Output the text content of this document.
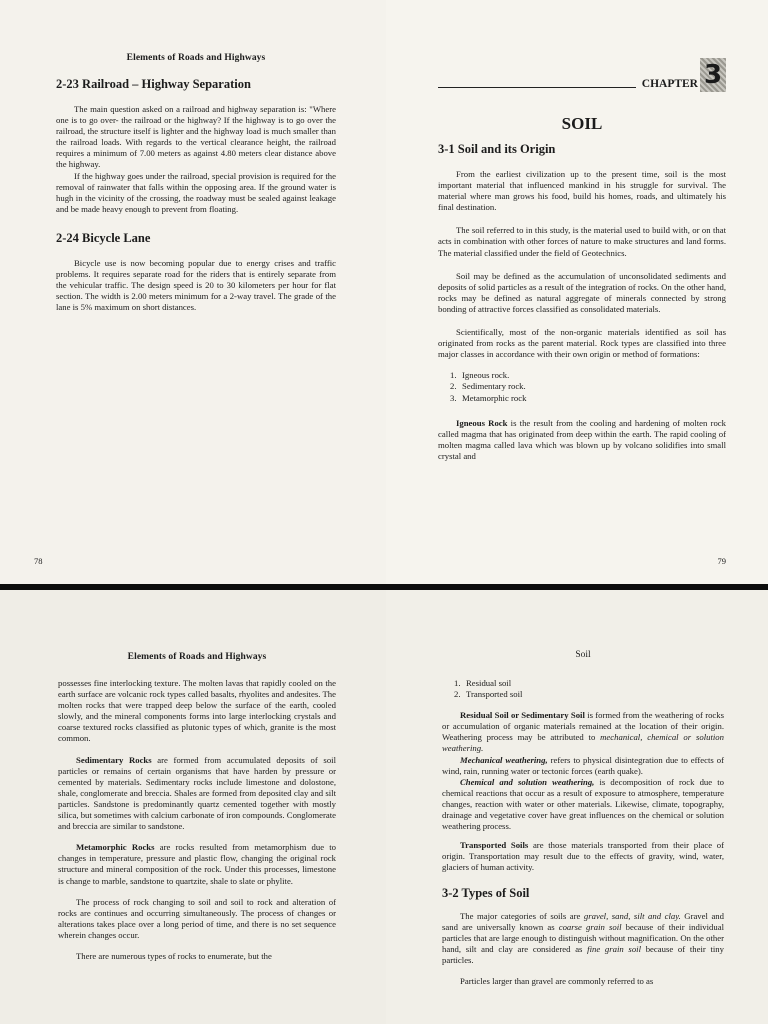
Elements of Roads and Highways
2-23 Railroad – Highway Separation

The main question asked on a railroad and highway separation is: "Where one is to go over- the railroad or the highway? If the highway is to go over the railroad, the structure itself is lighter and the highway load is much smaller than the railroad loads. With regards to the vertical clearance height, the railroad requires a minimum of 7.00 meters as against 4.80 meters clear distance above the highway.

If the highway goes under the railroad, special provision is required for the removal of rainwater that falls within the opposing area. If the ground water is hugh in the vicinity of the crossing, the roadway must be sealed against leakage and be made heavy enough to prevent from floating.

2-24 Bicycle Lane

Bicycle use is now becoming popular due to energy crises and traffic problems. It requires separate road for the riders that is entirely separate from the vehicular traffic. The design speed is 20 to 30 kilometers per hour for flat section. The width is 2.00 meters minimum for a 2-way travel. The grade of the lane is 5% maximum on short distances.

78
CHAPTER 3
SOIL
3-1 Soil and its Origin

From the earliest civilization up to the present time, soil is the most important material that influenced mankind in his struggle for survival. The material where man grows his food, build his homes, roads, and ultimately his final destination.

The soil referred to in this study, is the material used to build with, or on that acts in combination with other forces of nature to make structures and land forms. The material classified under the field of Geotechnics.

Soil may be defined as the accumulation of unconsolidated sediments and deposits of solid particles as a result of the integration of rocks. On the other hand, rocks may be defined as natural aggregate of minerals connected by strong bonding of attractive forces classified as consolidated materials.

Scientifically, most of the non-organic materials identified as soil has originated from rocks as the parent material. Rock types are classified into three major classes in accordance with their own origin or method of formations:

1. Igneous rock.
2. Sedimentary rock.
3. Metamorphic rock

Igneous Rock is the result from the cooling and hardening of molten rock called magma that has originated from deep within the earth. The rapid cooling of molten magma called lava which was blown up by volcano solidifies into small crystal and

79
Elements of Roads and Highways

possesses fine interlocking texture. The molten lavas that rapidly cooled on the earth surface are volcanic rock types called basalts, rhyolites and andesites. The molten rocks that were trapped deep below the surface of the earth, cooled slowly, and the mineral components forms into large interlocking crystals and coarse textured rocks classified as plutonic types of which, granite is the most common.

Sedimentary Rocks are formed from accumulated deposits of soil particles or remains of certain organisms that have harden by pressure or cemented by materials. Sedimentary rocks include limestone and dolostone, shale, conglomerate and breccia. Shales are formed from deposited clay and silt particles. Sandstone is predominantly quartz cemented together with mostly silica, but sometimes with calcium carbonate of iron compounds. Conglomerate and breccia are similar to sandstone.

Metamorphic Rocks are rocks resulted from metamorphism due to changes in temperature, pressure and plastic flow, changing the original rock structure and mineral composition of the rock. Under this processes, limestone is change to marble, sandstone to quartzite, shale to slate or phylite.

The process of rock changing to soil and soil to rock and alteration of rocks are continues and occurring simultaneously. The process of changes or alterations takes place over a long period of time, and there is no set sequence wherein changes occur.

There are numerous types of rocks to enumerate, but the

Soil
1. Residual soil
2. Transported soil

Residual Soil or Sedimentary Soil is formed from the weathering of rocks or accumulation of organic materials remained at the location of their origin. Weathering process may be attributed to mechanical, chemical or solution weathering.

Mechanical weathering, refers to physical disintegration due to effects of wind, rain, running water or tectonic forces (earth quake).

Chemical and solution weathering, is decomposition of rock due to chemical reactions that occur as a result of exposure to atmosphere, temperature changes, reaction with water or other materials. Likewise, climate, topography, drainage and vegetative cover have great influences on the chemical or solution weathering process.

Transported Soils are those materials transported from their place of origin. Transportation may result due to the effects of gravity, wind, water, glaciers of human activity.

3-2 Types of Soil

The major categories of soils are gravel, sand, silt and clay. Gravel and sand are universally known as coarse grain soil because of their individual particles that are large enough to distinguish without magnification. On the other hand, silt and clay are considered as fine grain soil because of their tiny particles.

Particles larger than gravel are commonly referred to as
